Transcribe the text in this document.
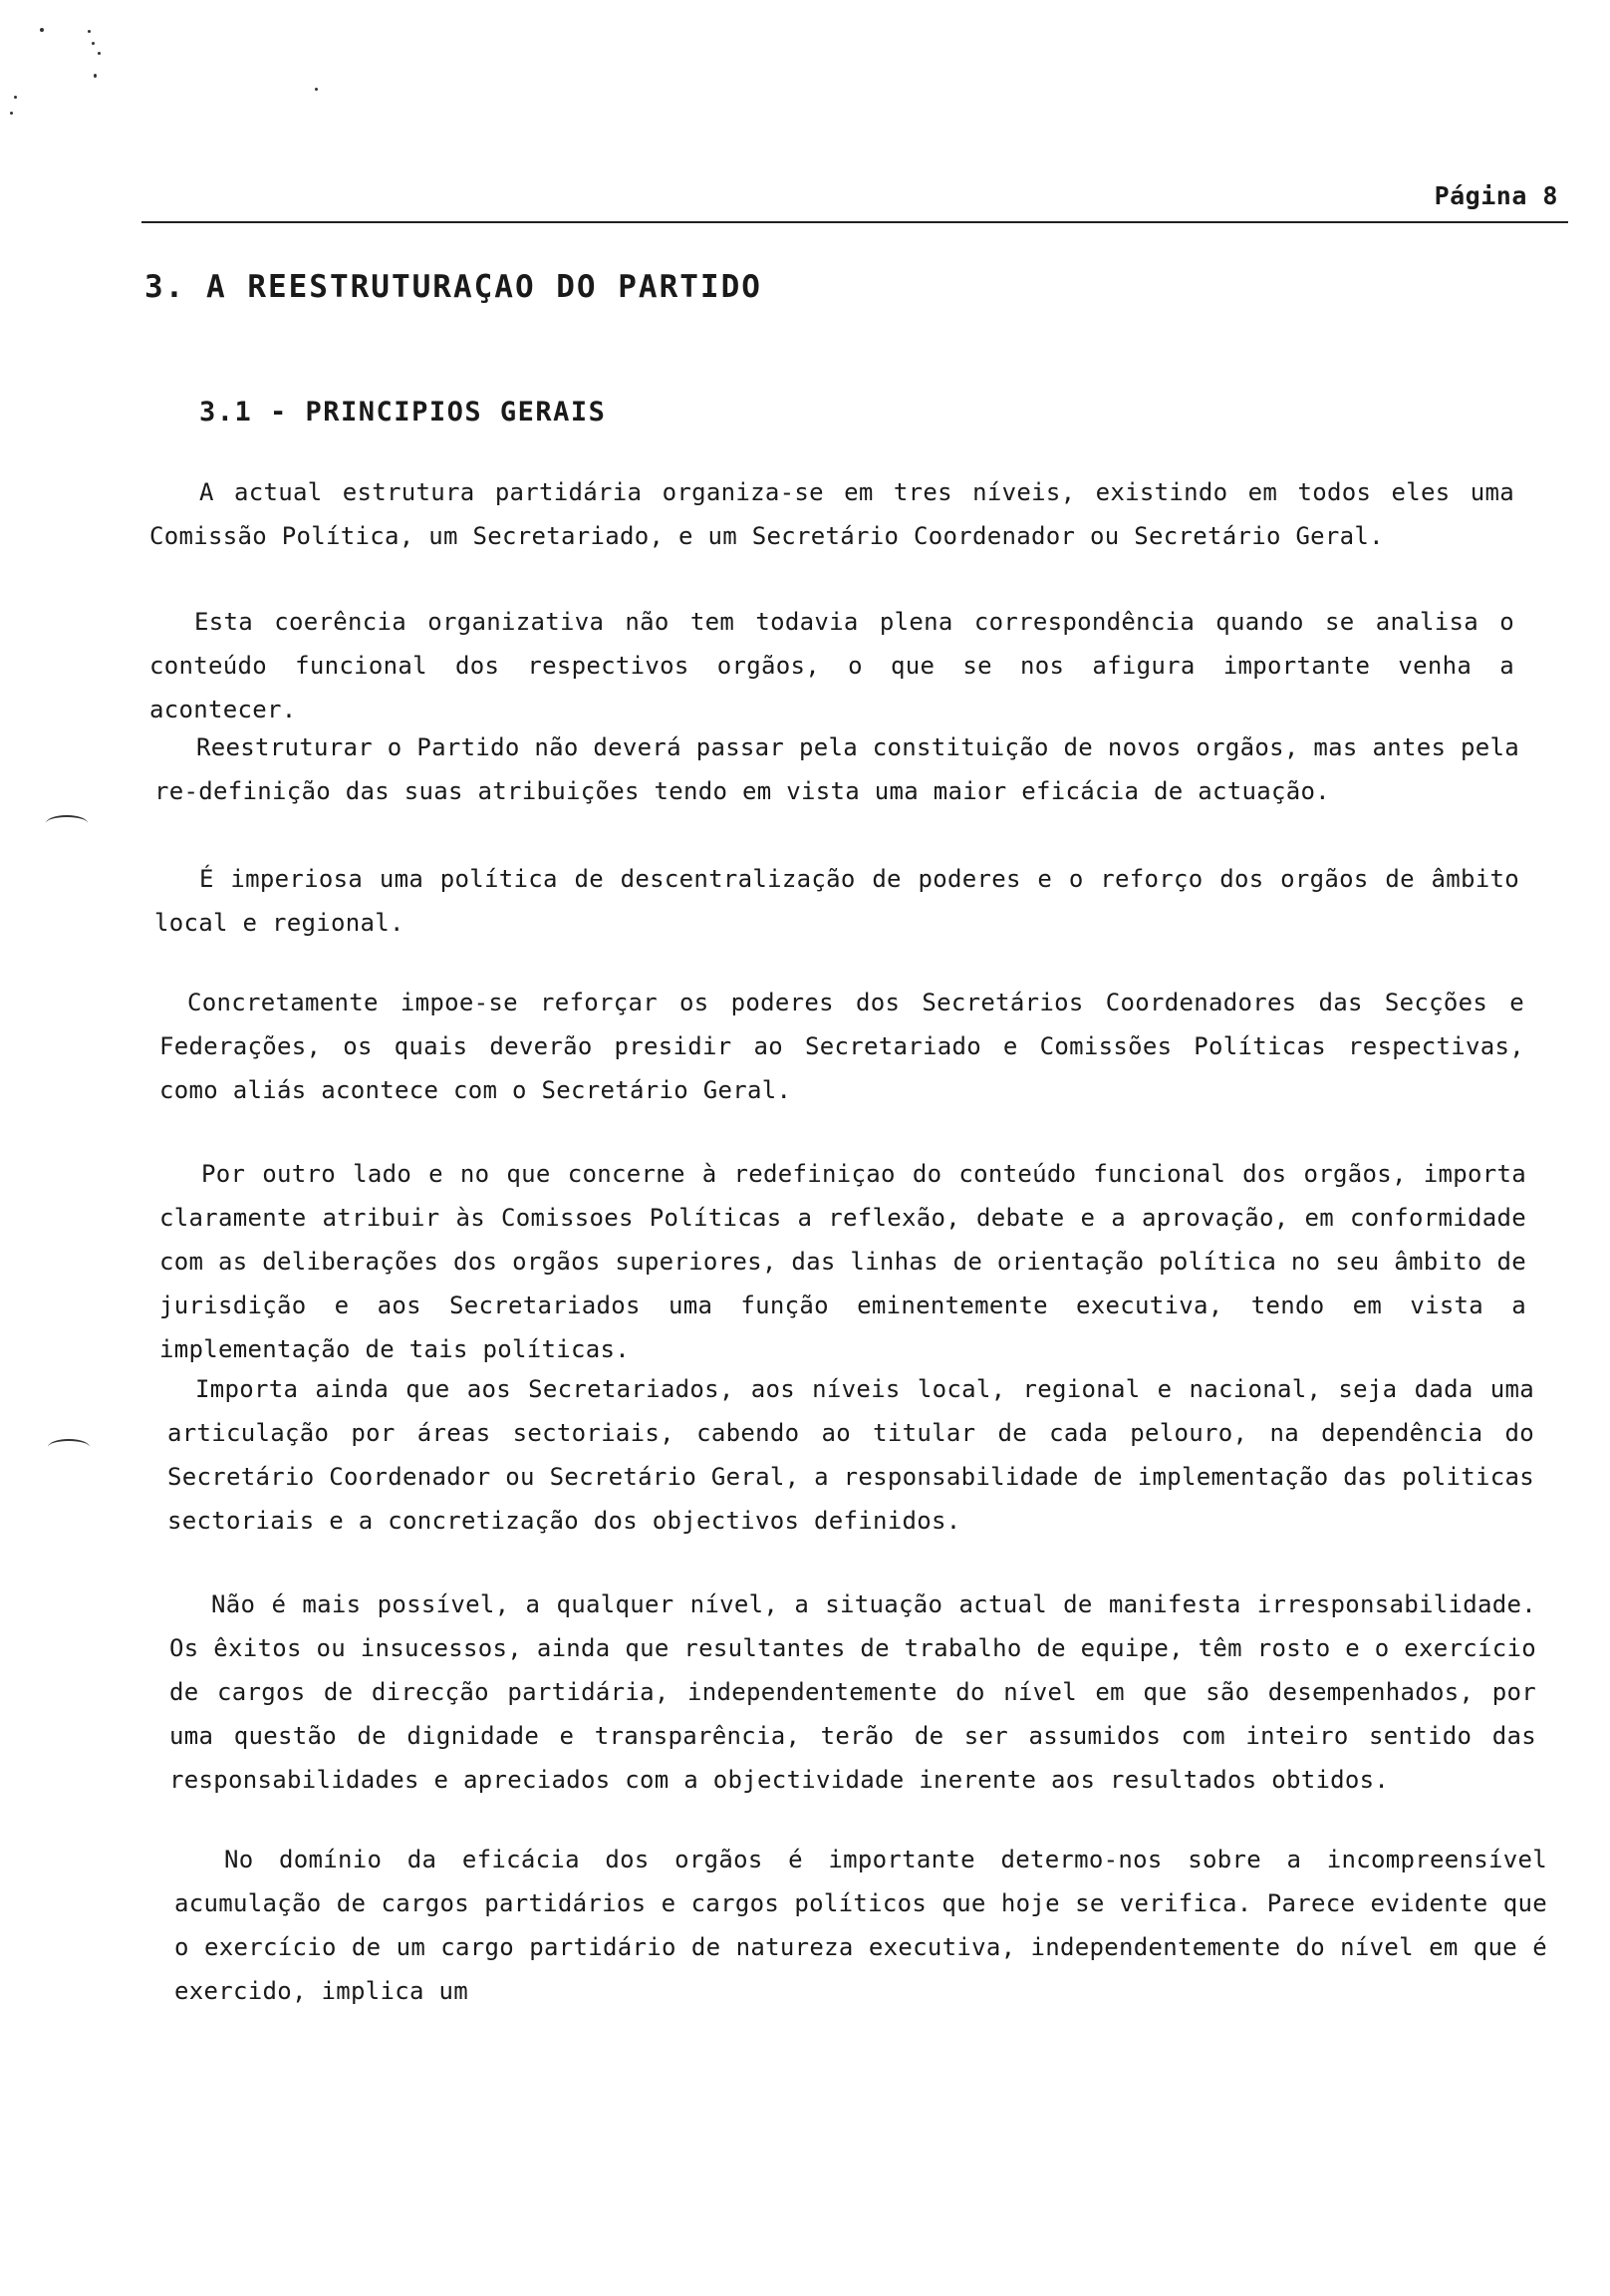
Página 8
3. A REESTRUTURAÇAO DO PARTIDO
3.1 - PRINCIPIOS GERAIS

A actual estrutura partidária organiza-se em tres níveis, existindo em todos eles uma Comissão Política, um Secretariado, e um Secretário Coordenador ou Secretário Geral.

Esta coerência organizativa não tem todavia plena correspondência quando se analisa o conteúdo funcional dos respectivos orgãos, o que se nos afigura importante venha a acontecer.

Reestruturar o Partido não deverá passar pela constituição de novos orgãos, mas antes pela re-definição das suas atribuições tendo em vista uma maior eficácia de actuação.

É imperiosa uma política de descentralização de poderes e o reforço dos orgãos de âmbito local e regional.

Concretamente impoe-se reforçar os poderes dos Secretários Coordenadores das Secções e Federações, os quais deverão presidir ao Secretariado e Comissões Políticas respectivas, como aliás acontece com o Secretário Geral.

Por outro lado e no que concerne à redefiniçao do conteúdo funcional dos orgãos, importa claramente atribuir às Comissoes Políticas a reflexão, debate e a aprovação, em conformidade com as deliberações dos orgãos superiores, das linhas de orientação política no seu âmbito de jurisdição e aos Secretariados uma função eminentemente executiva, tendo em vista a implementação de tais políticas.

Importa ainda que aos Secretariados, aos níveis local, regional e nacional, seja dada uma articulação por áreas sectoriais, cabendo ao titular de cada pelouro, na dependência do Secretário Coordenador ou Secretário Geral, a responsabilidade de implementação das politicas sectoriais e a concretização dos objectivos definidos.

Não é mais possível, a qualquer nível, a situação actual de manifesta irresponsabilidade. Os êxitos ou insucessos, ainda que resultantes de trabalho de equipe, têm rosto e o exercício de cargos de direcção partidária, independentemente do nível em que são desempenhados, por uma questão de dignidade e transparência, terão de ser assumidos com inteiro sentido das responsabilidades e apreciados com a objectividade inerente aos resultados obtidos.

No domínio da eficácia dos orgãos é importante determo-nos sobre a incompreensível acumulação de cargos partidários e cargos políticos que hoje se verifica. Parece evidente que o exercício de um cargo partidário de natureza executiva, independentemente do nível em que é exercido, implica um
